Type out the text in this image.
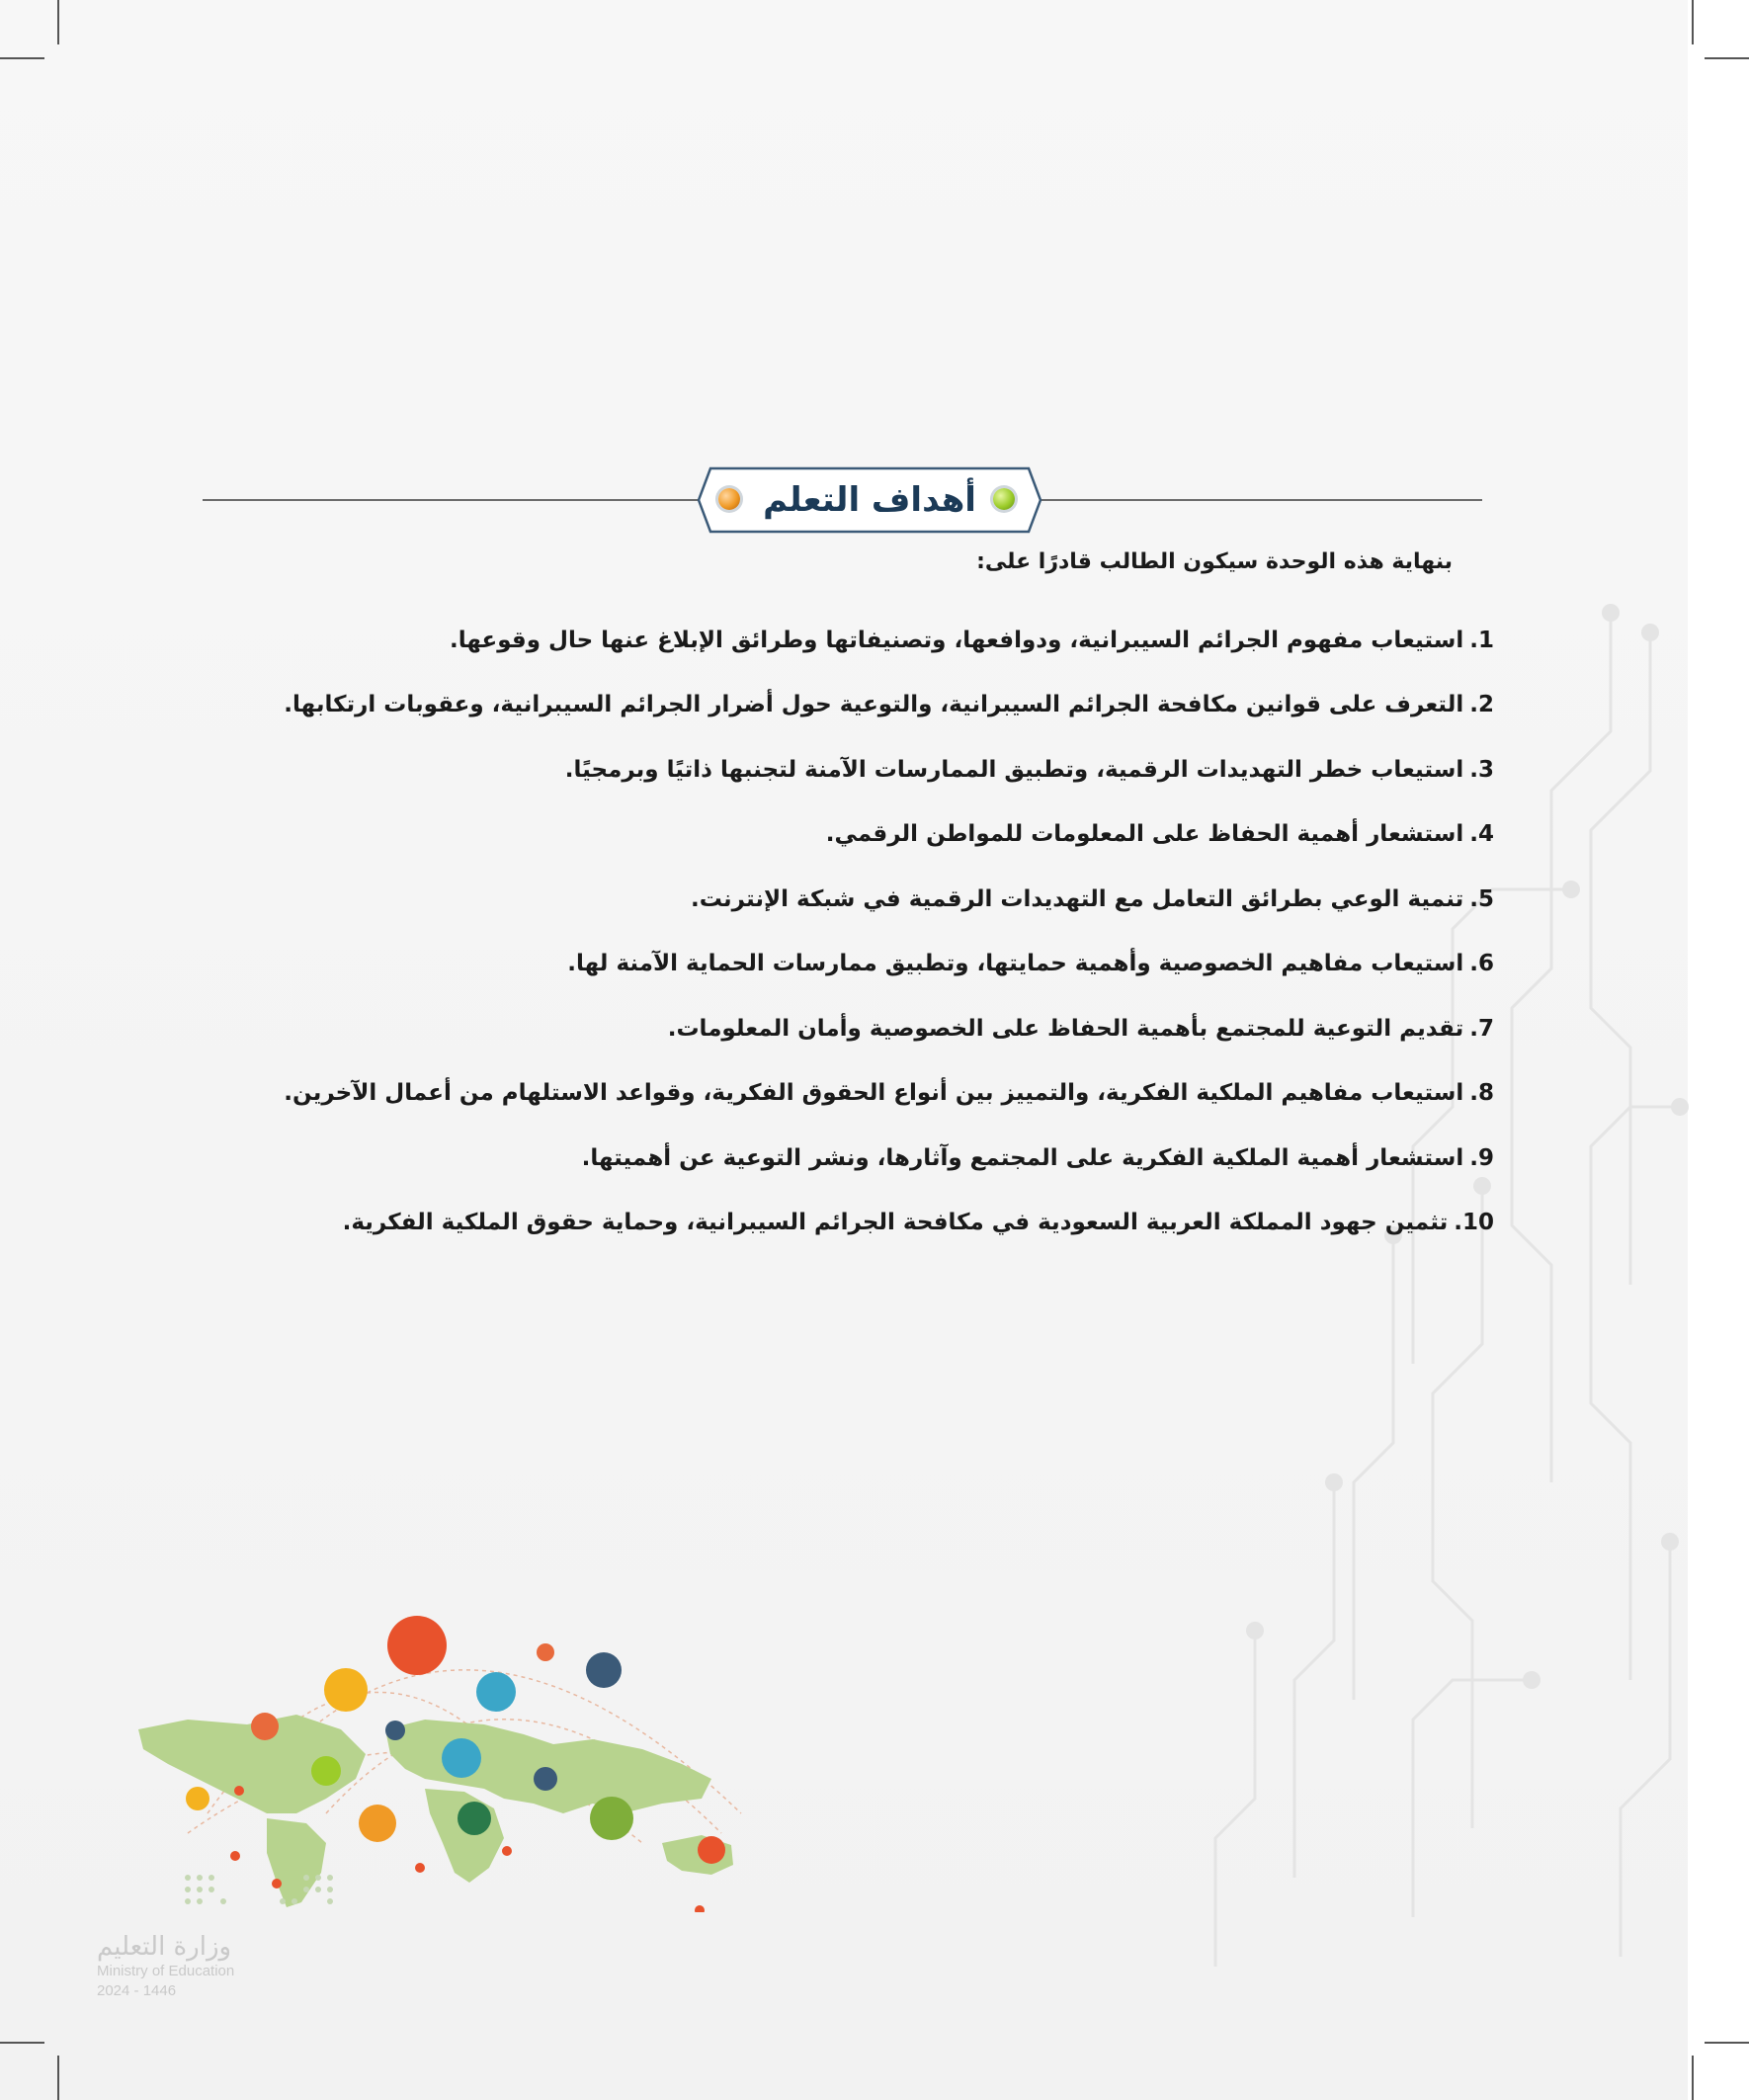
أهداف التعلم
بنهاية هذه الوحدة سيكون الطالب قادرًا على:
1.
استيعاب مفهوم الجرائم السيبرانية، ودوافعها، وتصنيفاتها وطرائق الإبلاغ عنها حال وقوعها.
2.
التعرف على قوانين مكافحة الجرائم السيبرانية، والتوعية حول أضرار الجرائم السيبرانية، وعقوبات ارتكابها.
3.
استيعاب خطر التهديدات الرقمية، وتطبيق الممارسات الآمنة لتجنبها ذاتيًا وبرمجيًا.
4.
استشعار أهمية الحفاظ على المعلومات للمواطن الرقمي.
5.
تنمية الوعي بطرائق التعامل مع التهديدات الرقمية في شبكة الإنترنت.
6.
استيعاب مفاهيم الخصوصية وأهمية حمايتها، وتطبيق ممارسات الحماية الآمنة لها.
7.
تقديم التوعية للمجتمع بأهمية الحفاظ على الخصوصية وأمان المعلومات.
8.
استيعاب مفاهيم الملكية الفكرية، والتمييز بين أنواع الحقوق الفكرية، وقواعد الاستلهام من أعمال الآخرين.
9.
استشعار أهمية الملكية الفكرية على المجتمع وآثارها، ونشر التوعية عن أهميتها.
10.
تثمين جهود المملكة العربية السعودية في مكافحة الجرائم السيبرانية، وحماية حقوق الملكية الفكرية.
وزارة التعليم
Ministry of Education
2024 - 1446
